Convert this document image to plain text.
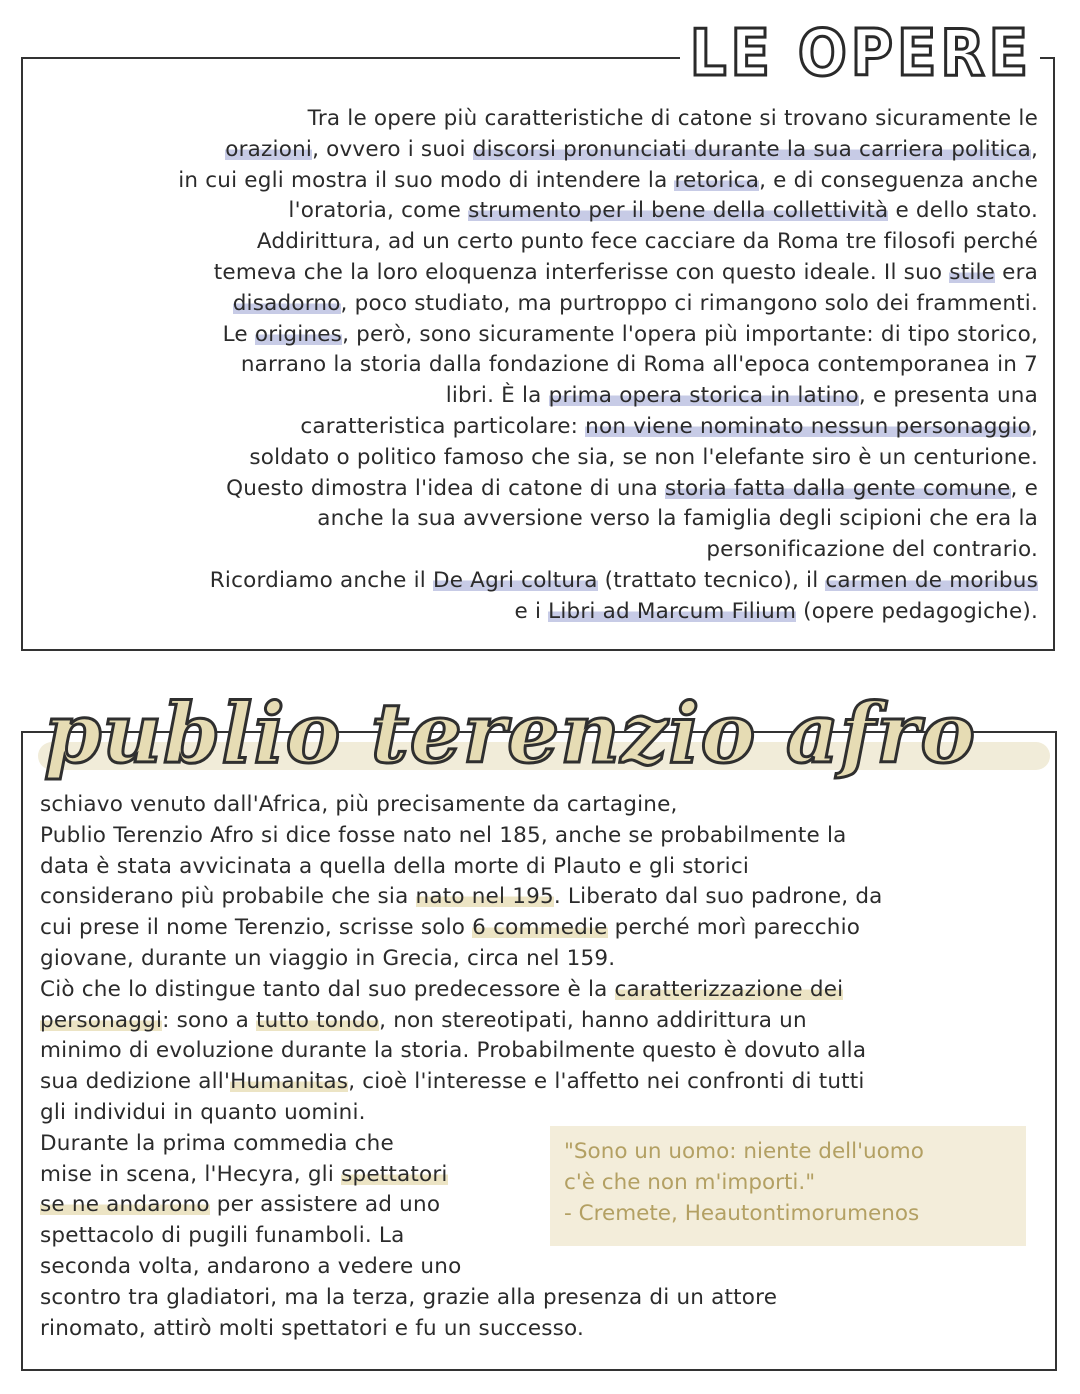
LE OPERE
Tra le opere più caratteristiche di catone si trovano sicuramente le
orazioni, ovvero i suoi discorsi pronunciati durante la sua carriera politica,
in cui egli mostra il suo modo di intendere la retorica, e di conseguenza anche
l'oratoria, come strumento per il bene della collettività e dello stato.
Addirittura, ad un certo punto fece cacciare da Roma tre filosofi perché
temeva che la loro eloquenza interferisse con questo ideale. Il suo stile era
disadorno, poco studiato, ma purtroppo ci rimangono solo dei frammenti.
Le origines, però, sono sicuramente l'opera più importante: di tipo storico,
narrano la storia dalla fondazione di Roma all'epoca contemporanea in 7
libri. È la prima opera storica in latino, e presenta una
caratteristica particolare: non viene nominato nessun personaggio,
soldato o politico famoso che sia, se non l'elefante siro è un centurione.
Questo dimostra l'idea di catone di una storia fatta dalla gente comune, e
anche la sua avversione verso la famiglia degli scipioni che era la
personificazione del contrario.
Ricordiamo anche il De Agri coltura (trattato tecnico), il carmen de moribus
e i Libri ad Marcum Filium (opere pedagogiche).
publio terenzio afro
schiavo venuto dall'Africa, più precisamente da cartagine,
Publio Terenzio Afro si dice fosse nato nel 185, anche se probabilmente la
data è stata avvicinata a quella della morte di Plauto e gli storici
considerano più probabile che sia nato nel 195. Liberato dal suo padrone, da
cui prese il nome Terenzio, scrisse solo 6 commedie perché morì parecchio
giovane, durante un viaggio in Grecia, circa nel 159.
Ciò che lo distingue tanto dal suo predecessore è la caratterizzazione dei
personaggi: sono a tutto tondo, non stereotipati, hanno addirittura un
minimo di evoluzione durante la storia. Probabilmente questo è dovuto alla
sua dedizione all'Humanitas, cioè l'interesse e l'affetto nei confronti di tutti
gli individui in quanto uomini.
Durante la prima commedia che
mise in scena, l'Hecyra, gli spettatori
se ne andarono per assistere ad uno
spettacolo di pugili funamboli. La
seconda volta, andarono a vedere uno
scontro tra gladiatori, ma la terza, grazie alla presenza di un attore
rinomato, attirò molti spettatori e fu un successo.
"Sono un uomo: niente dell'uomo
c'è che non m'importi."
- Cremete, Heautontimorumenos
